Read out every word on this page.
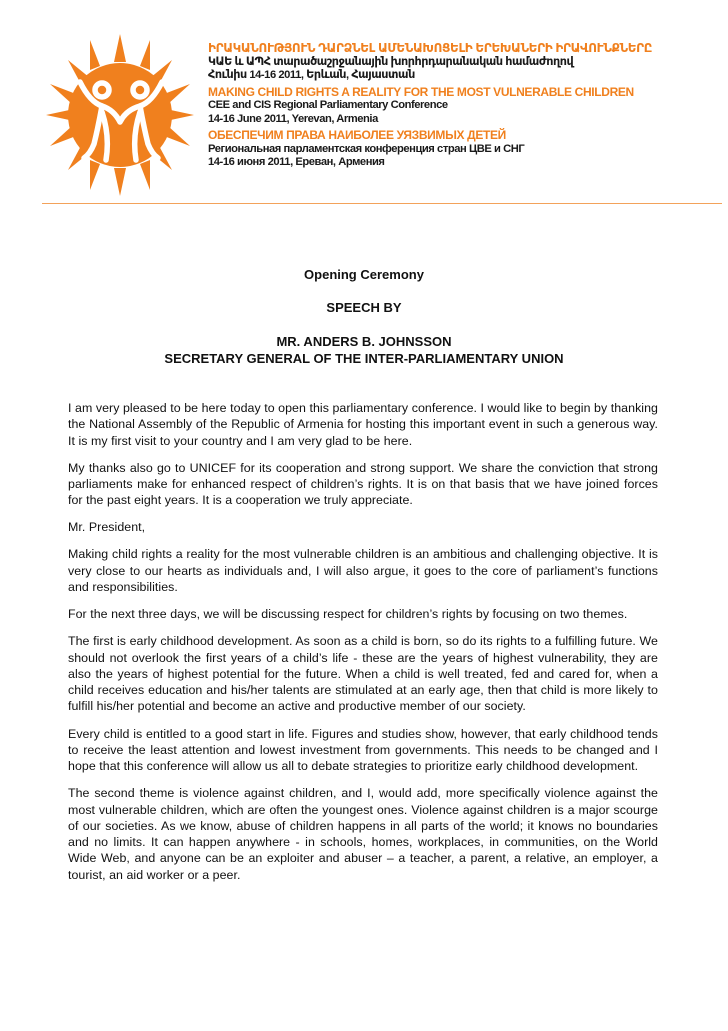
ԻՐԱԿԱՆՈՒԹՅՈՒՆ ԴԱՐՁՆԵԼ ԱՄԵՆԱԽՈՑԵԼԻ ԵՐԵԽԱՆԵՐԻ ԻՐԱՎՈՒՆՔՆԵՐԸ
ԿԱԵ և ԱՊՀ տարածաշրջանային խորհրդարանական համաժողով
Հունիս 14-16 2011, Երևան, Հայաստան
MAKING CHILD RIGHTS A REALITY FOR THE MOST VULNERABLE CHILDREN
CEE and CIS Regional Parliamentary Conference
14-16 June 2011, Yerevan, Armenia
ОБЕСПЕЧИМ ПРАВА НАИБОЛЕЕ УЯЗВИМЫХ ДЕТЕЙ
Региональная парламентская конференция стран ЦВЕ и СНГ
14-16 июня 2011, Ереван, Армения
Opening Ceremony
SPEECH BY
MR. ANDERS B. JOHNSSON
SECRETARY GENERAL OF THE INTER-PARLIAMENTARY UNION

I am very pleased to be here today to open this parliamentary conference. I would like to begin by thanking the National Assembly of the Republic of Armenia for hosting this important event in such a generous way. It is my first visit to your country and I am very glad to be here.

My thanks also go to UNICEF for its cooperation and strong support. We share the conviction that strong parliaments make for enhanced respect of children’s rights. It is on that basis that we have joined forces for the past eight years. It is a cooperation we truly appreciate.

Mr. President,

Making child rights a reality for the most vulnerable children is an ambitious and challenging objective. It is very close to our hearts as individuals and, I will also argue, it goes to the core of parliament’s functions and responsibilities.

For the next three days, we will be discussing respect for children’s rights by focusing on two themes.

The first is early childhood development. As soon as a child is born, so do its rights to a fulfilling future. We should not overlook the first years of a child’s life - these are the years of highest vulnerability, they are also the years of highest potential for the future. When a child is well treated, fed and cared for, when a child receives education and his/her talents are stimulated at an early age, then that child is more likely to fulfill his/her potential and become an active and productive member of our society.

Every child is entitled to a good start in life. Figures and studies show, however, that early childhood tends to receive the least attention and lowest investment from governments. This needs to be changed and I hope that this conference will allow us all to debate strategies to prioritize early childhood development.

The second theme is violence against children, and I, would add, more specifically violence against the most vulnerable children, which are often the youngest ones. Violence against children is a major scourge of our societies. As we know, abuse of children happens in all parts of the world; it knows no boundaries and no limits. It can happen anywhere - in schools, homes, workplaces, in communities, on the World Wide Web, and anyone can be an exploiter and abuser – a teacher, a parent, a relative, an employer, a tourist, an aid worker or a peer.
